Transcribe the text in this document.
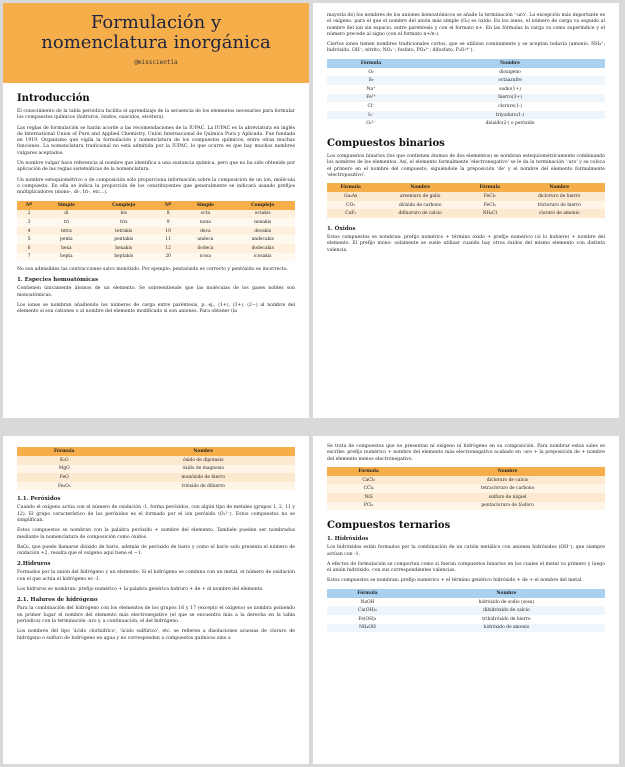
Formulación y
nomenclatura inorgánica
@misscientia
Introducción

El conocimiento de la tabla periódica facilita el aprendizaje de la secuencia de los elementos necesarios para formular los compuestos químicos (hidruros, óxidos, oxácidos, etcétera).

Las reglas de formulación se harán acorde a las recomendaciones de la IUPAC. La IUPAC es la abreviatura en inglés de International Union of Pure and Applied Chemistry, Unión Internacional de Química Pura y Aplicada. Fue fundada en 1919. Organismo que vigila la formulación y nomenclatura de los compuestos químicos, entre otras muchas funciones. La nomenclatura tradicional no está admitida por la IUPAC, lo que ocurre es que hay muchos nombres vulgares aceptados.

Un nombre vulgar hace referencia al nombre que identifica a una sustancia química, pero que no ha sido obtenido por aplicación de las reglas sistemáticas de la nomenclatura.

Un nombre estequiométrico o de composición sólo proporciona información sobre la composición de un ion, molécula o compuesto. En ella se indica la proporción de los constituyentes que generalmente se indicará usando prefijos multiplicadores (mono-, di-, tri-, etc...).

Nº	Simple	Complejo	Nº	Simple	Complejo
2	di	bis	8	octa	octakis
3	tri	tris	9	nona	nonakis
4	tetra	tetrakis	10	deca	decakis
5	penta	pentakis	11	undeca	undecakis
6	hexa	hexakis	12	dodeca	dodecakis
7	hepta	heptakis	20	icosa	icosakis

No son admisibles las contracciones salvo monóxido. Por ejemplo: pentaóxido es correcto y pentóxido es incorrecto.

1. Especies homoatómicas

Contienen únicamente átomos de un elemento. Se sobreentiende que las moléculas de los gases nobles son monoatómicas.

Los iones se nombran añadiendo los números de carga entre paréntesis, p. ej., (1+), (3+), (2−) al nombre del elemento si son cationes o al nombre del elemento modificado si son aniones. Para obtener (la

mayoría de) los nombres de los aniones homoatómicos se añade la terminación '-uro'. La excepción más importante es el oxígeno, para el que el nombre del anión más simple (O₂) es óxido. En los iones, el número de carga va seguido al nombre del ion sin espacio, entre paréntesis y con el formato n+. En las fórmulas la carga va como superíndice y el número precede al signo (con el formato n+/n-).

Ciertos iones tienen nombres tradicionales cortos, que se utilizan comúnmente y se aceptan todavía (amonio, NH₄⁺; hidróxido, OH⁻; nitrito, NO₂⁻; fosfato, PO₄³⁻; difosfato, P₂O₇⁴⁻).

Fórmula	Nombre
O₂	dioxígeno
S₈	octaazufre
Na⁺	sodio(1+)
Fe³⁺	hierro(3+)
Cl⁻	cloruro(1-)
I₃⁻	triyoduro(1-)
O₂²⁻	dióxido(2-) o peróxido
Compuestos binarios

Los compuestos binarios (los que contienen átomos de dos elementos) se nombran estequiométricamente combinando los nombres de los elementos. Así, el elemento formalmente 'electronegativo' se le da la terminación '-uro' y se coloca el primero en el nombre del compuesto, siguiéndole la preposición 'de' y el nombre del elemento formalmente 'electropositivo'.

Fórmula	Nombre	Fórmula	Nombre
Ga₂As	arseniuro de galio	FeCl₂	dicloruro de hierro
CO₂	dióxido de carbono	FeCl₃	tricloruro de hierro
CaF₂	difluoruro de calcio	NH₄Cl	cloruro de amonio
1. Óxidos

Estos compuestos se nombran: prefijo numérico + término óxido + prefijo numérico (si lo hubiere) + nombre del elemento. El prefijo mono- solamente se suele utilizar cuando hay otros óxidos del mismo elemento con distinta valencia.

Fórmula	Nombre
K₂O	óxido de dipotasio
MgO	óxido de magnesio
FeO	monóxido de hierro
Fe₂O₃	trióxido de dihierro
1.1. Peróxidos

Cuando el oxígeno actúa con el número de oxidación -1, forma peróxidos, con algún tipo de metales (grupos 1, 2, 11 y 12). El grupo característico de los peróxidos es el formado por el ion peróxido (O₂²⁻). Estos compuestos no se simplifican.

Estos compuestos se nombran con la palabra peróxido + nombre del elemento. También pueden ser nombrados mediante la nomenclatura de composición como óxidos.

BaO₂, que puede llamarse dióxido de bario, además de peróxido de bario y como el bario solo presenta el número de oxidación +2, resulta que el oxígeno aquí tiene el −1.

2.Hidruros

Formados por la unión del hidrógeno y un elemento. Si el hidrógeno se combina con un metal, el número de oxidación con el que actúa el hidrógeno es -1.

Los hidruros se nombran: prefijo numérico + la palabra genérica hidruro + de + el nombre del elemento.

2.1. Haluros de hidrógeno

Para la combinación del hidrógeno con los elementos de los grupos 16 y 17 (excepto el oxígeno) se nombra poniendo en primer lugar el nombre del elemento más electronegativo (el que se encuentra más a la derecha en la tabla periódica) con la terminación -uro y, a continuación, el del hidrógeno.

Los nombres del tipo 'ácido clorhídrico', 'ácido sulfúrico', etc. se refieren a disoluciones acuosas de cloruro de hidrógeno o sulfuro de hidrógeno en agua y no corresponden a compuestos químicos sino a

Se trata de compuestos que no presentan ni oxígeno ni hidrógeno en su composición. Para nombrar estas sales se escribe: prefijo numérico + nombre del elemento más electronegativo acabado en -uro + la preposición de + nombre del elemento menos electronegativo.

Fórmula	Nombre
CaCl₂	dicloruro de calcio
CCl₄	tetracloruro de carbono
NiS	sulfuro de níquel
PCl₅	pentacloruro de fósforo
Compuestos ternarios
1. Hidróxidos

Los hidróxidos están formados por la combinación de un catión metálico con aniones hidróxidos (OH⁻), que siempre actúan con -1.

A efectos de formulación se comportan como si fueran compuestos binarios en los cuales el metal va primero y luego el anión hidróxido, con sus correspondientes valencias.

Estos compuestos se nombran: prefijo numérico + el término genérico hidróxido + de + el nombre del metal.

Fórmula	Nombre
NaOH	hidróxido de sodio (sosa)
Ca(OH)₂	dihidróxido de calcio
Fe(OH)₃	trihidróxido de hierro
NH₄OH	hidróxido de amonio
